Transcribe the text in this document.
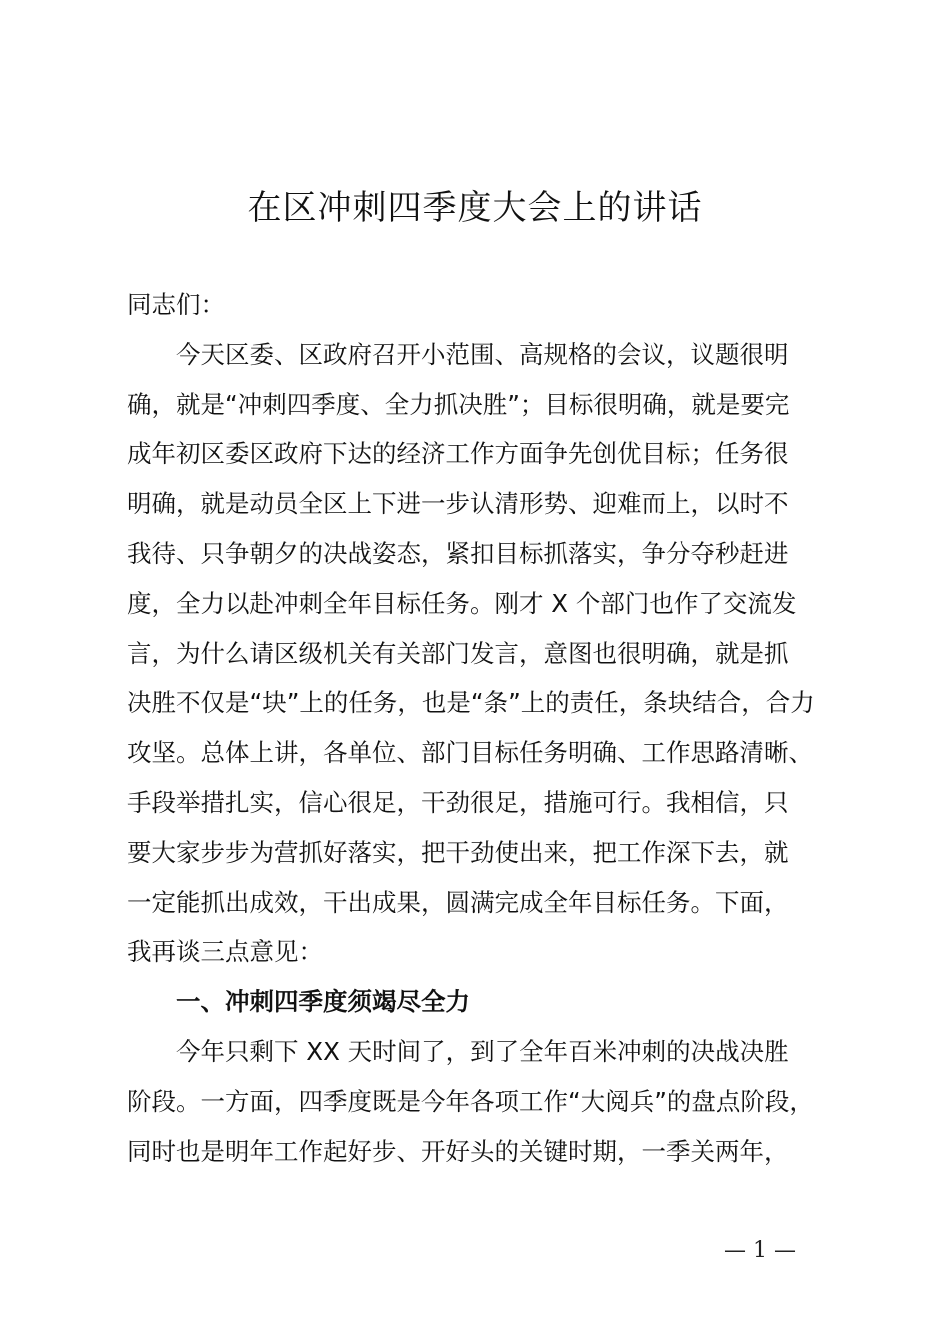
在区冲刺四季度大会上的讲话
同志们：
　　今天区委、区政府召开小范围、高规格的会议，议题很明
确，就是“冲刺四季度、全力抓决胜”；目标很明确，就是要完
成年初区委区政府下达的经济工作方面争先创优目标；任务很
明确，就是动员全区上下进一步认清形势、迎难而上，以时不
我待、只争朝夕的决战姿态，紧扣目标抓落实，争分夺秒赶进
度，全力以赴冲刺全年目标任务。刚才 X 个部门也作了交流发
言，为什么请区级机关有关部门发言，意图也很明确，就是抓
决胜不仅是“块”上的任务，也是“条”上的责任，条块结合，合力
攻坚。总体上讲，各单位、部门目标任务明确、工作思路清晰、
手段举措扎实，信心很足，干劲很足，措施可行。我相信，只
要大家步步为营抓好落实，把干劲使出来，把工作深下去，就
一定能抓出成效，干出成果，圆满完成全年目标任务。下面，
我再谈三点意见：
　　一、冲刺四季度须竭尽全力
　　今年只剩下 XX 天时间了，到了全年百米冲刺的决战决胜
阶段。一方面，四季度既是今年各项工作“大阅兵”的盘点阶段，
同时也是明年工作起好步、开好头的关键时期，一季关两年，
— 1 —
